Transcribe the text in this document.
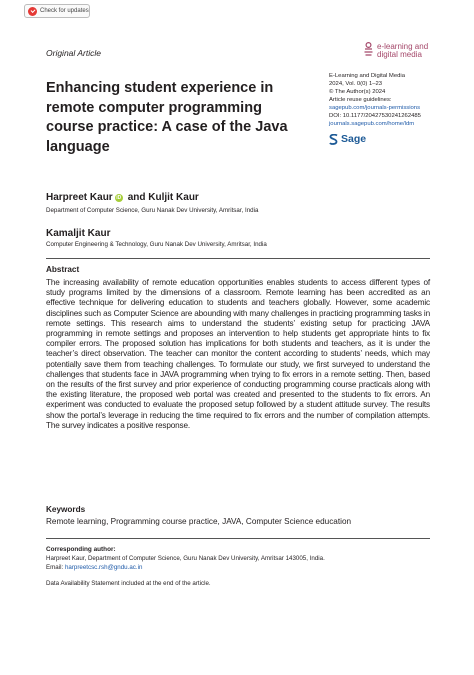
Check for updates
Original Article
e-learning and
digital media
E-Learning and Digital Media
2024, Vol. 0(0) 1–23
© The Author(s) 2024
Article reuse guidelines:
sagepub.com/journals-permissions
DOI: 10.1177/20427530241262485
journals.sagepub.com/home/ldm
Sage
Enhancing student experience in remote computer programming course practice: A case of the Java language
Harpreet Kaur iD and Kuljit Kaur
Department of Computer Science, Guru Nanak Dev University, Amritsar, India
Kamaljit Kaur
Computer Engineering & Technology, Guru Nanak Dev University, Amritsar, India
Abstract

The increasing availability of remote education opportunities enables students to access different types of study programs limited by the dimensions of a classroom. Remote learning has been accredited as an effective technique for delivering education to students and teachers globally. However, some academic disciplines such as Computer Science are abounding with many challenges in practicing programming tasks in remote settings. This research aims to understand the students’ existing setup for practicing JAVA programming in remote settings and proposes an intervention to help students get appropriate hints to fix compiler errors. The proposed solution has implications for both students and teachers, as it is under the teacher’s direct observation. The teacher can monitor the content according to students’ needs, which may potentially save them from teaching challenges. To formulate our study, we first surveyed to understand the challenges that students face in JAVA programming when trying to fix errors in a remote setting. Then, based on the results of the first survey and prior experience of conducting programming course practicals along with the existing literature, the proposed web portal was created and presented to the students to fix errors. An experiment was conducted to evaluate the proposed setup followed by a student attitude survey. The results show the portal’s leverage in reducing the time required to fix errors and the number of compilation attempts. The survey indicates a positive response.

Keywords
Remote learning, Programming course practice, JAVA, Computer Science education
Corresponding author:
Harpreet Kaur, Department of Computer Science, Guru Nanak Dev University, Amritsar 143005, India.
Email: harpreetcsc.rsh@gndu.ac.in
Data Availability Statement included at the end of the article.
